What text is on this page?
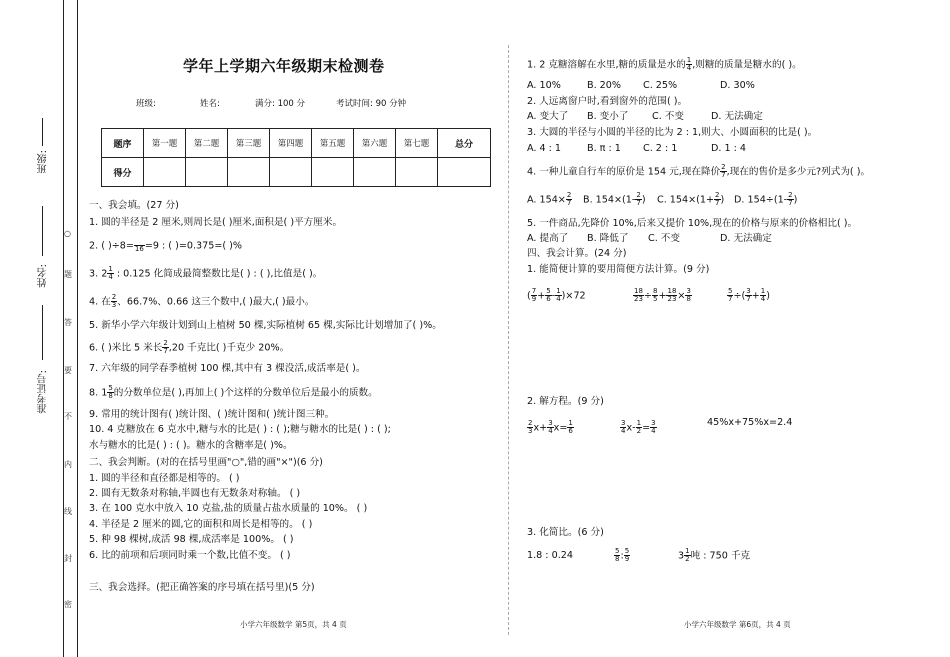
班级:
姓名:
准考证号:
○
题
答
要
不
内
线
封
密
学年上学期六年级期末检测卷
班级:	姓名:	满分: 100 分	考试时间: 90 分钟
题序	第一题	第二题	第三题	第四题	第五题	第六题	第七题	总分
得分								
一、我会填。(27 分)
1. 圆的半径是 2 厘米,则周长是( )厘米,面积是( )平方厘米。
2. ( )÷8=
16 =9 : ( )=0.375=( )%
3. $2 \frac{1}{4}$ : 0.125 化简成最简整数比是( ) : ( ),比值是( )。
4. 在 $\frac{2}{3}$ 、66.7%、0.66 这三个数中,( )最大,( )最小。
5. 新华小学六年级计划到山上植树 50 棵,实际植树 65 棵,实际比计划增加了( )%。
6. ( )米比 5 米长 $\frac{2}{7} ,20$ 千克比( )千克少 20%。
7. 六年级的同学春季植树 100 棵,其中有 3 棵没活,成活率是( )。
8. $1 \frac{5}{8}$ 的分数单位是( ),再加上( )个这样的分数单位后是最小的质数。
9. 常用的统计图有( )统计图、( )统计图和( )统计图三种。
10. 4 克糖放在 6 克水中,糖与水的比是( ) : ( );糖与糖水的比是( ) : ( );
水与糖水的比是( ) : ( )。糖水的含糖率是( )%。
二、我会判断。(对的在括号里画"○",错的画"×")(6 分)
1. 圆的半径和直径都是相等的。 ( )
2. 圆有无数条对称轴,半圆也有无数条对称轴。 ( )
3. 在 100 克水中放入 10 克盐,盐的质量占盐水质量的 10%。 ( )
4. 半径是 2 厘米的圆,它的面积和周长是相等的。 ( )
5. 种 98 棵树,成活 98 棵,成活率是 100%。 ( )
6. 比的前项和后项同时乘一个数,比值不变。 ( )
三、我会选择。(把正确答案的序号填在括号里)(5 分)
小学六年级数学 第5页，共 4 页
1. 2 克糖溶解在水里,糖的质量是水的 $\frac{1}{4}$ ,则糖的质量是糖水的( )。
A. 10%	B. 20% C. 25%	D. 30%
2. 人远离窗户时,看到窗外的范围( )。
A. 变大了 B. 变小了 C. 不变	D. 无法确定
3. 大圆的半径与小圆的半径的比为 2 : 1,则大、小圆面积的比是( )。
A. 4 : 1	B. π : 1 C. 2 : 1	D. 1 : 4
4. 一种儿童自行车的原价是 154 元,现在降价 $\frac{2}{7}$ ,现在的售价是多少元?列式为( )。
A. $154\times \frac{2}{7} B$. $154\times(1- \frac{2}{7}$ ) C. $154\times(1+ \frac{2}{7}$ ) D. $154\div(1- \frac{2}{7}$ )
5. 一件商品,先降价 10%,后来又提价 10%,现在的价格与原来的价格相比( )。
A. 提高了 B. 降低了 C. 不变	D. 无法确定
四、我会计算。(24 分)
1. 能简便计算的要用简便方法计算。(9 分)
( $\frac{7}{9} + \frac{5}{6} - \frac{1}{4} )\times 72$	$\frac{18}{23} \div \frac{8}{5} + \frac{18}{23} \times \frac{3}{8}$	$\frac{5}{7}$ ÷( $\frac{3}{7} + \frac{1}{4}$ )
2. 解方程。(9 分)
$\frac{2}{3} x+ \frac{3}{4} x= \frac{1}{6}$	$\frac{3}{4} x- \frac{1}{2} = \frac{3}{4}$	45%x+75%x=2.4
3. 化简比。(6 分)
1.8 : 0.24	$\frac{5}{8}$ : $\frac{5}{9}$	$3 \frac{1}{2}$ 吨 : 750 千克
小学六年级数学 第6页，共 4 页
